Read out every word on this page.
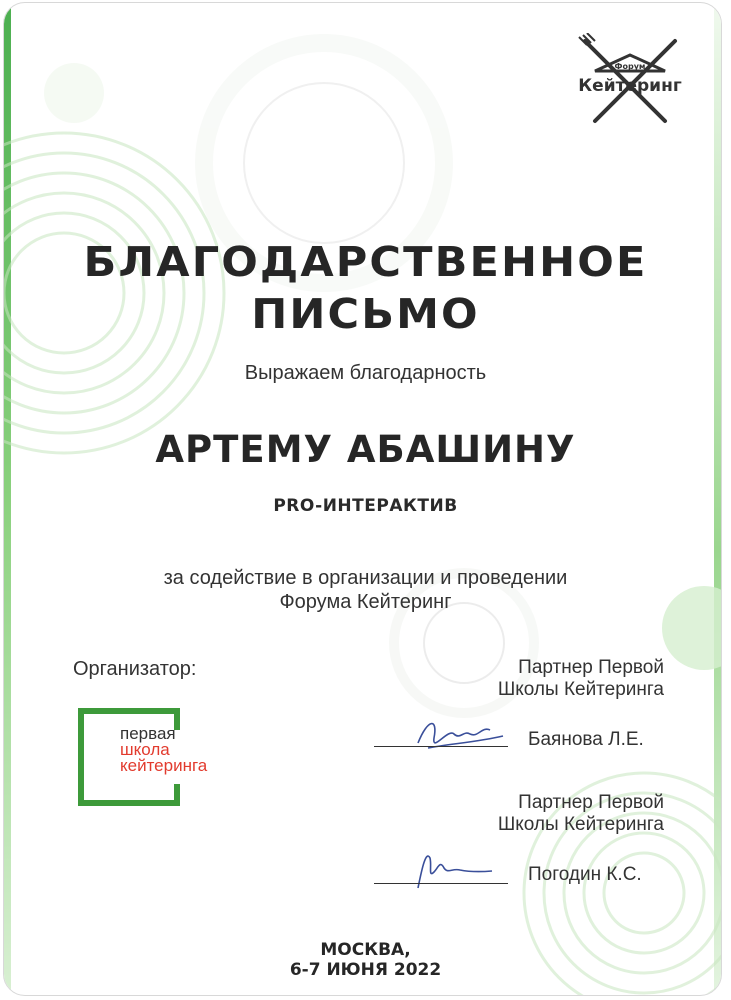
Форум
Кейтеринг
БЛАГОДАРСТВЕННОЕ
ПИСЬМО
Выражаем благодарность
АРТЕМУ АБАШИНУ
PRO-ИНТЕРАКТИВ
за содействие в организации и проведении
Форума Кейтеринг
Организатор:
первая
школа
кейтеринга
Партнер Первой
Школы Кейтеринга
Баянова Л.Е.
Партнер Первой
Школы Кейтеринга
Погодин К.С.
МОСКВА,
6-7 ИЮНЯ 2022
